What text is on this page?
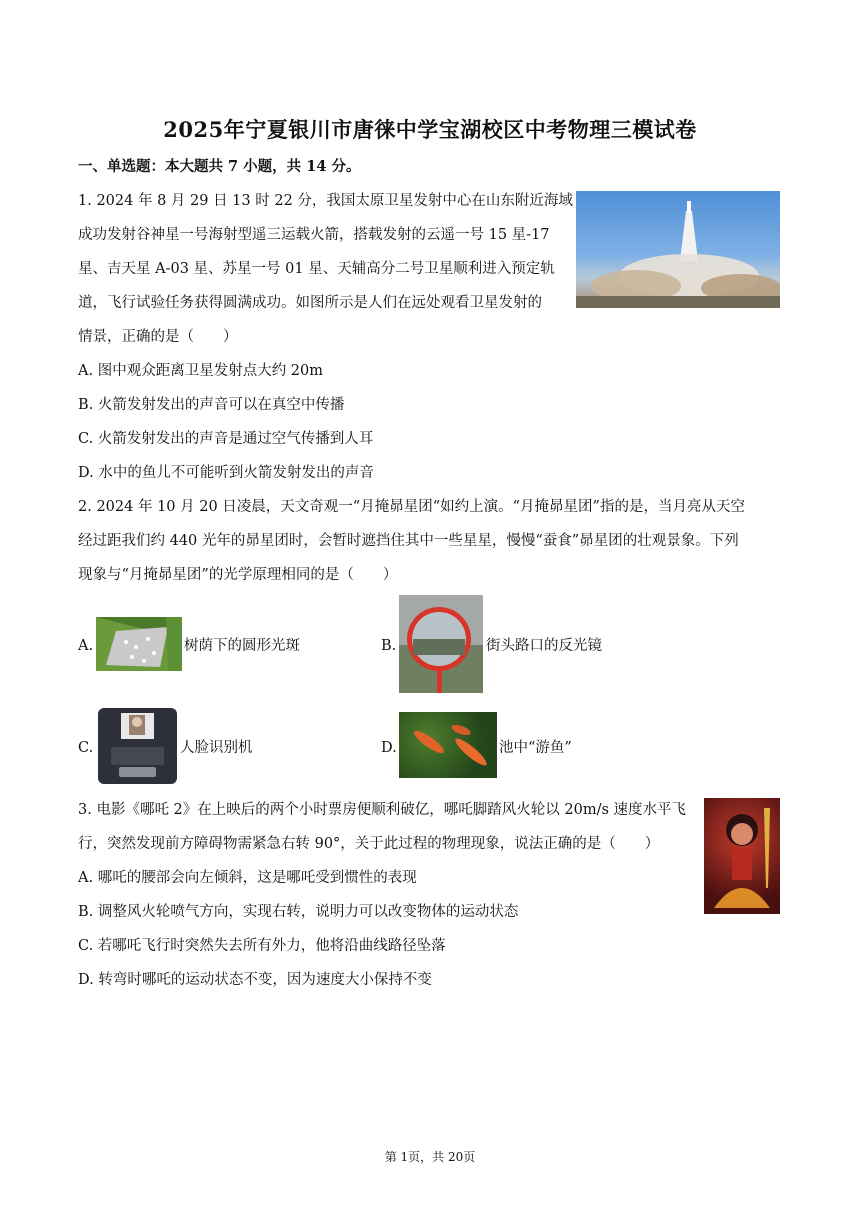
2025年宁夏银川市唐徕中学宝湖校区中考物理三模试卷
一、单选题：本大题共 7 小题，共 14 分。
1. 2024 年 8 月 29 日 13 时 22 分，我国太原卫星发射中心在山东附近海域
成功发射谷神星一号海射型遥三运载火箭，搭载发射的云遥一号 15 星-17
星、吉天星 A-03 星、苏星一号 01 星、天辅高分二号卫星顺利进入预定轨
道，飞行试验任务获得圆满成功。如图所示是人们在远处观看卫星发射的
情景，正确的是（　　）
A. 图中观众距离卫星发射点大约 20m
B. 火箭发射发出的声音可以在真空中传播
C. 火箭发射发出的声音是通过空气传播到人耳
D. 水中的鱼儿不可能听到火箭发射发出的声音
2. 2024 年 10 月 20 日凌晨，天文奇观一“月掩昴星团“如约上演。“月掩昴星团”指的是，当月亮从天空
经过距我们约 440 光年的昴星团时，会暂时遮挡住其中一些星星，慢慢“蚕食”昴星团的壮观景象。下列
现象与“月掩昴星团”的光学原理相同的是（　　）
A.	树荫下的圆形光斑	B.	街头路口的反光镜
C.	人脸识别机	D.	池中“游鱼”
3. 电影《哪吒 2》在上映后的两个小时票房便顺利破亿，哪吒脚踏风火轮以 20m/s 速度水平飞
行，突然发现前方障碍物需紧急右转 90°，关于此过程的物理现象，说法正确的是（　　）
A. 哪吒的腰部会向左倾斜，这是哪吒受到惯性的表现
B. 调整风火轮喷气方向，实现右转，说明力可以改变物体的运动状态
C. 若哪吒飞行时突然失去所有外力，他将沿曲线路径坠落
D. 转弯时哪吒的运动状态不变，因为速度大小保持不变
第 1页，共 20页
